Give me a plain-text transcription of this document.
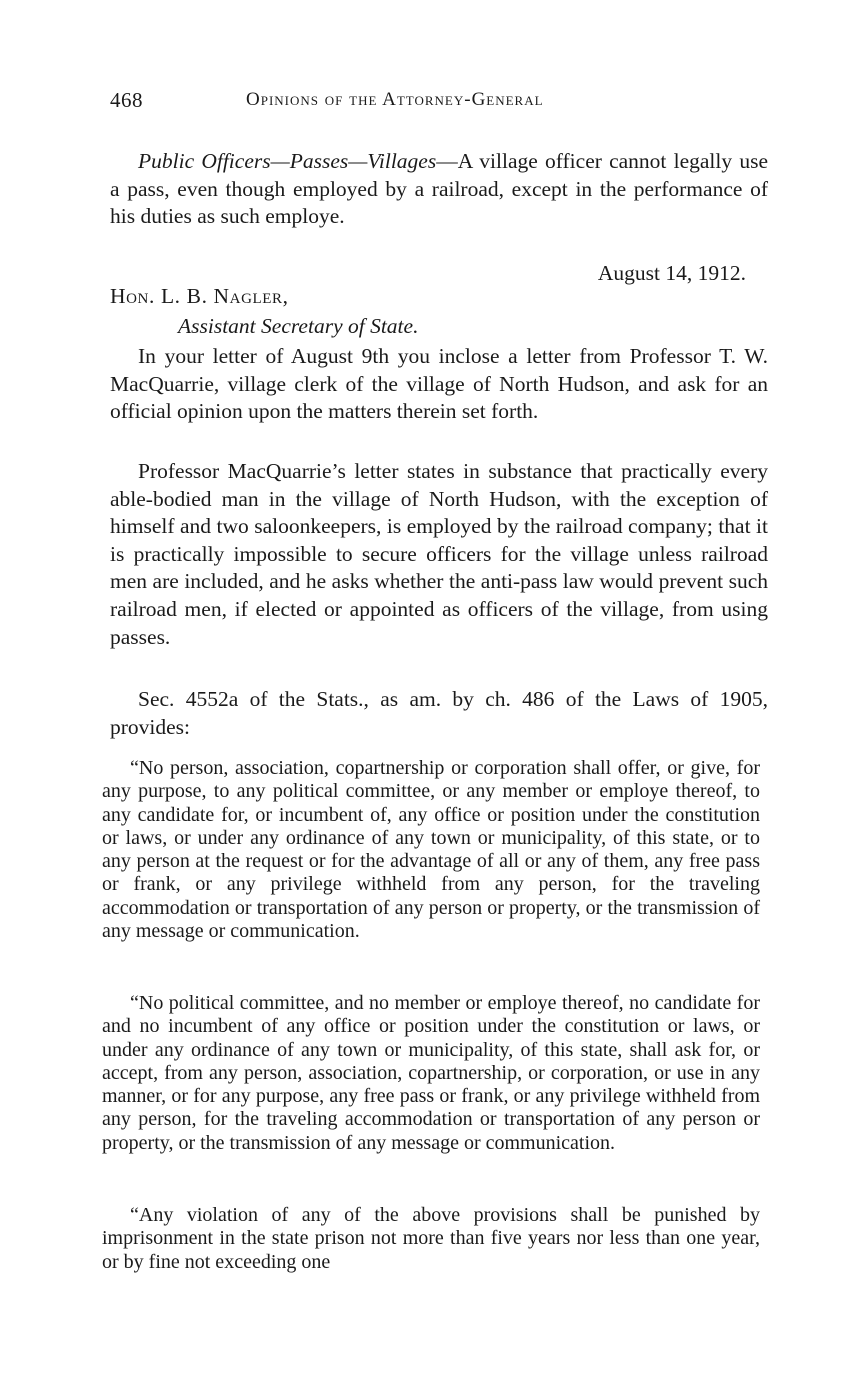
468	Opinions of the Attorney-General

Public Officers—Passes—Villages—A village officer cannot legally use a pass, even though employed by a railroad, except in the performance of his duties as such employe.

August 14, 1912.
Hon. L. B. Nagler,
Assistant Secretary of State.

In your letter of August 9th you inclose a letter from Professor T. W. MacQuarrie, village clerk of the village of North Hudson, and ask for an official opinion upon the matters therein set forth.

Professor MacQuarrie’s letter states in substance that practically every able-bodied man in the village of North Hudson, with the exception of himself and two saloonkeepers, is employed by the railroad company; that it is practically impossible to secure officers for the village unless railroad men are included, and he asks whether the anti-pass law would prevent such railroad men, if elected or appointed as officers of the village, from using passes.

Sec. 4552a of the Stats., as am. by ch. 486 of the Laws of 1905, provides:

“No person, association, copartnership or corporation shall offer, or give, for any purpose, to any political committee, or any member or employe thereof, to any candidate for, or incumbent of, any office or position under the constitution or laws, or under any ordinance of any town or municipality, of this state, or to any person at the request or for the advantage of all or any of them, any free pass or frank, or any privilege withheld from any person, for the traveling accommodation or transportation of any person or property, or the transmission of any message or communication.

“No political committee, and no member or employe thereof, no candidate for and no incumbent of any office or position under the constitution or laws, or under any ordinance of any town or municipality, of this state, shall ask for, or accept, from any person, association, copartnership, or corporation, or use in any manner, or for any purpose, any free pass or frank, or any privilege withheld from any person, for the traveling accommodation or transportation of any person or property, or the transmission of any message or communication.

“Any violation of any of the above provisions shall be punished by imprisonment in the state prison not more than five years nor less than one year, or by fine not exceeding one
